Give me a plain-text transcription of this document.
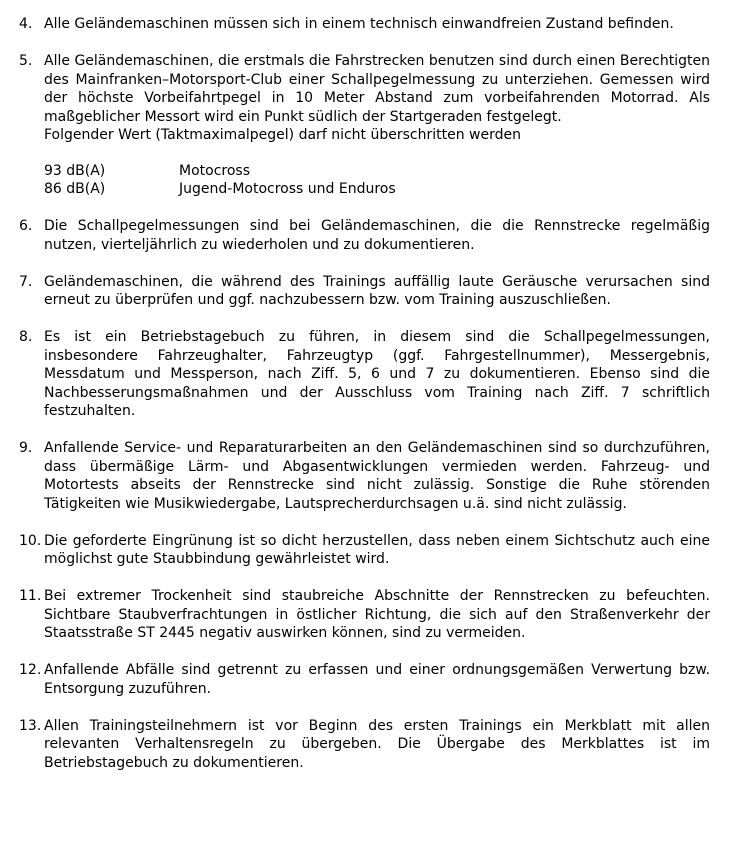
4. Alle Geländemaschinen müssen sich in einem technisch einwandfreien Zustand befinden.
5. Alle Geländemaschinen, die erstmals die Fahrstrecken benutzen sind durch einen Berechtigten des Mainfranken–Motorsport-Club einer Schallpegelmessung zu unterziehen. Gemessen wird der höchste Vorbeifahrtpegel in 10 Meter Abstand zum vorbeifahrenden Motorrad. Als maßgeblicher Messort wird ein Punkt südlich der Startgeraden festgelegt.
Folgender Wert (Taktmaximalpegel) darf nicht überschritten werden
93 dB(A)	Motocross
86 dB(A)	Jugend-Motocross und Enduros
6. Die Schallpegelmessungen sind bei Geländemaschinen, die die Rennstrecke regelmäßig nutzen, vierteljährlich zu wiederholen und zu dokumentieren.
7. Geländemaschinen, die während des Trainings auffällig laute Geräusche verursachen sind erneut zu überprüfen und ggf. nachzubessern bzw. vom Training auszuschließen.
8. Es ist ein Betriebstagebuch zu führen, in diesem sind die Schallpegelmessungen, insbesondere Fahrzeughalter, Fahrzeugtyp (ggf. Fahrgestellnummer), Messergebnis, Messdatum und Messperson, nach Ziff. 5, 6 und 7 zu dokumentieren. Ebenso sind die Nachbesserungsmaßnahmen und der Ausschluss vom Training nach Ziff. 7 schriftlich festzuhalten.
9. Anfallende Service- und Reparaturarbeiten an den Geländemaschinen sind so durchzuführen, dass übermäßige Lärm- und Abgasentwicklungen vermieden werden. Fahrzeug- und Motortests abseits der Rennstrecke sind nicht zulässig. Sonstige die Ruhe störenden Tätigkeiten wie Musikwiedergabe, Lautsprecherdurchsagen u.ä. sind nicht zulässig.
10. Die geforderte Eingrünung ist so dicht herzustellen, dass neben einem Sichtschutz auch eine möglichst gute Staubbindung gewährleistet wird.
11. Bei extremer Trockenheit sind staubreiche Abschnitte der Rennstrecken zu befeuchten. Sichtbare Staubverfrachtungen in östlicher Richtung, die sich auf den Straßenverkehr der Staatsstraße ST 2445 negativ auswirken können, sind zu vermeiden.
12. Anfallende Abfälle sind getrennt zu erfassen und einer ordnungsgemäßen Verwertung bzw. Entsorgung zuzuführen.
13. Allen Trainingsteilnehmern ist vor Beginn des ersten Trainings ein Merkblatt mit allen relevanten Verhaltensregeln zu übergeben. Die Übergabe des Merkblattes ist im Betriebstagebuch zu dokumentieren.
